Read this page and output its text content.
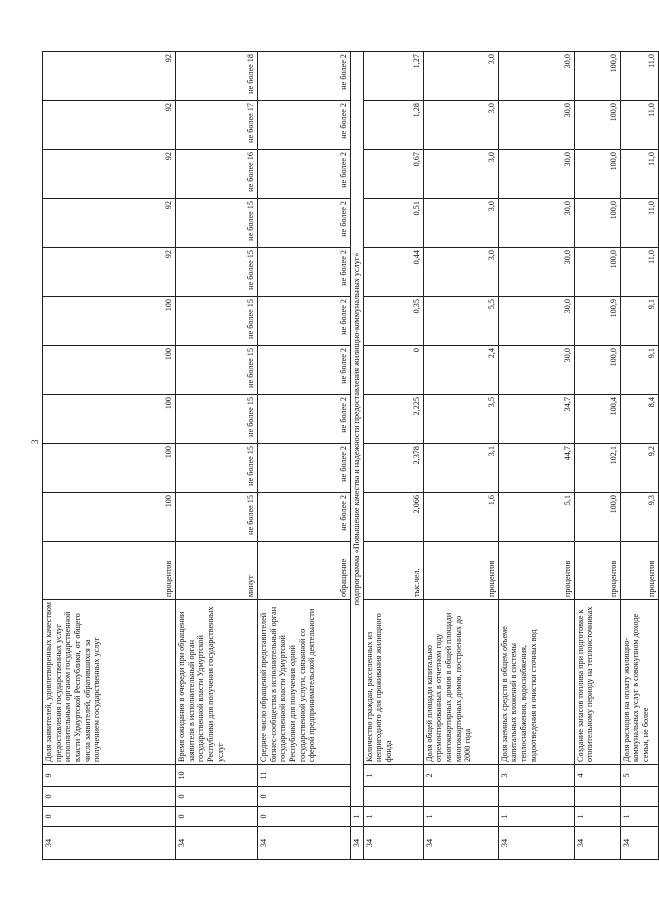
3
34	0	0	9	Доля заявителей, удовлетворенных качеством предоставления государственных услуг исполнительным органом государственной власти Удмуртской Республики, от общего числа заявителей, обратившихся за получением государственных услуг	процентов	100	100	100	100	100	92	92	92	92	92
34	0	0	10	Время ожидания в очереди при обращении заявителя в исполнительный орган государственной власти Удмуртской Республики для получения государственных услуг	минут	не более 15	не более 15	не более 15	не более 15	не более 15	не более 15	не более 15	не более 16	не более 17	не более 18
34	0	0	11	Среднее число обращений представителей бизнес-сообщества в исполнительный орган государственной власти Удмуртской Республики для получения одной государственной услуги, связанной со сферой предпринимательской деятельности	обращение	не более 2	не более 2	не более 2	не более 2	не более 2	не более 2	не более 2	не более 2	не более 2	не более 2
34	1	подпрограмма «Повышение качества и надежности предоставления жилищно-коммунальных услуг»													
34	1		1	Количество граждан, расселенных из непригодного для проживания жилищного фонда	тыс.чел.	2,066	2,378	2,225	0	0,35	0,44	0,51	0,67	1,28	1,27
34	1		2	Доля общей площади капитально отремонтированных в отчетном году многоквартирных домов в общей площади многоквартирных домов, построенных до 2000 года	процентов	1,6	3,1	3,5	2,4	5,5	3,0	3,0	3,0	3,0	3,0
34	1		3	Доля заемных средств в общем объеме капитальных вложений в системы теплоснабжения, водоснабжения, водоотведения и очистки сточных вод	процентов	5,1	44,7	34,7	30,0	30,0	30,0	30,0	30,0	30,0	30,0
34	1		4	Создание запасов топлива при подготовке к отопительному периоду на теплоисточниках	процентов	100,0	102,1	100,4	100,0	100,9	100,0	100,0	100,0	100,0	100,0
34	1		5	Доля расходов на оплату жилищно-коммунальных услуг в совокупном доходе семьи, не более	процентов	9,3	9,2	8,4	9,1	9,1	11,0	11,0	11,0	11,0	11,0
